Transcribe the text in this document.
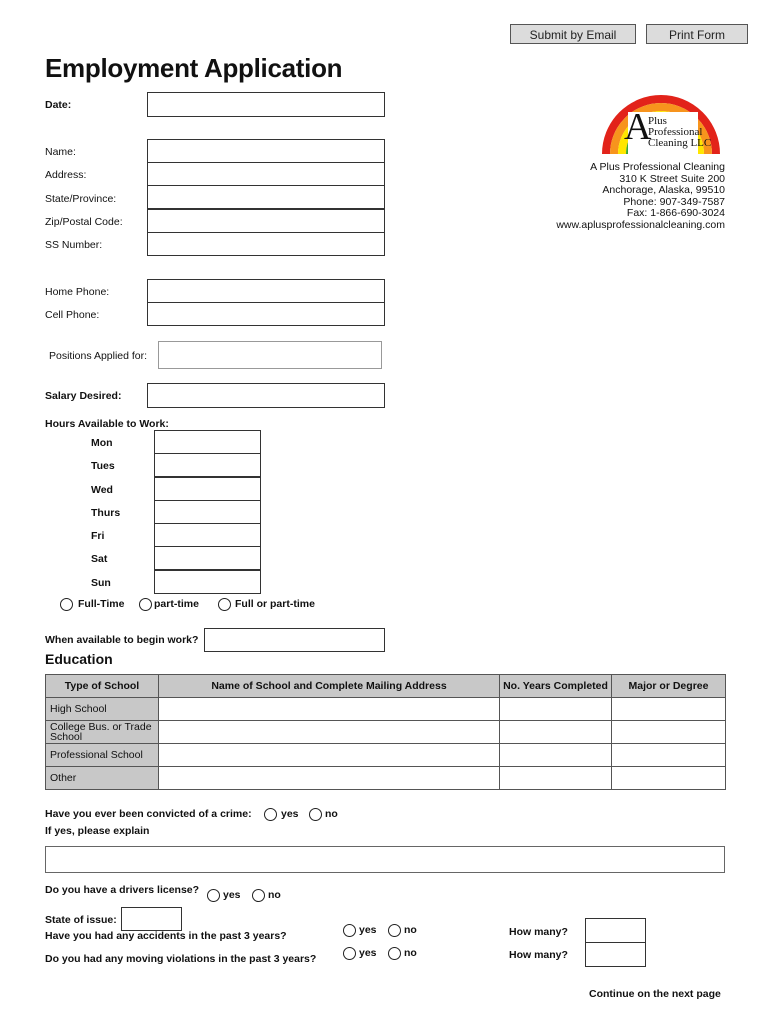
Submit by Email	Print Form
Employment Application
A
Plus
Professional
Cleaning LLC
A Plus Professional Cleaning
310 K Street Suite 200
Anchorage, Alaska, 99510
Phone: 907-349-7587
Fax: 1-866-690-3024
www.aplusprofessionalcleaning.com
Date:
Name:
Address:
State/Province:
Zip/Postal Code:
SS Number:
Home Phone:
Cell Phone:
Positions Applied for:
Salary Desired:
Hours Available to Work:
Mon
Tues
Wed
Thurs
Fri
Sat
Sun
Full-Time	part-time	Full or part-time
When available to begin work?
Education
Type of School	Name of School and Complete Mailing Address	No. Years Completed	Major or Degree
High School			
College Bus. or Trade School			
Professional School			
Other			
Have you ever been convicted of a crime:	yes	no
If yes, please explain
Do you have a drivers license? yes	no
State of issue:
Have you had any accidents in the past 3 years?	yes	no	How many?
Do you had any moving violations in the past 3 years?	yes	no	How many?
Continue on the next page
